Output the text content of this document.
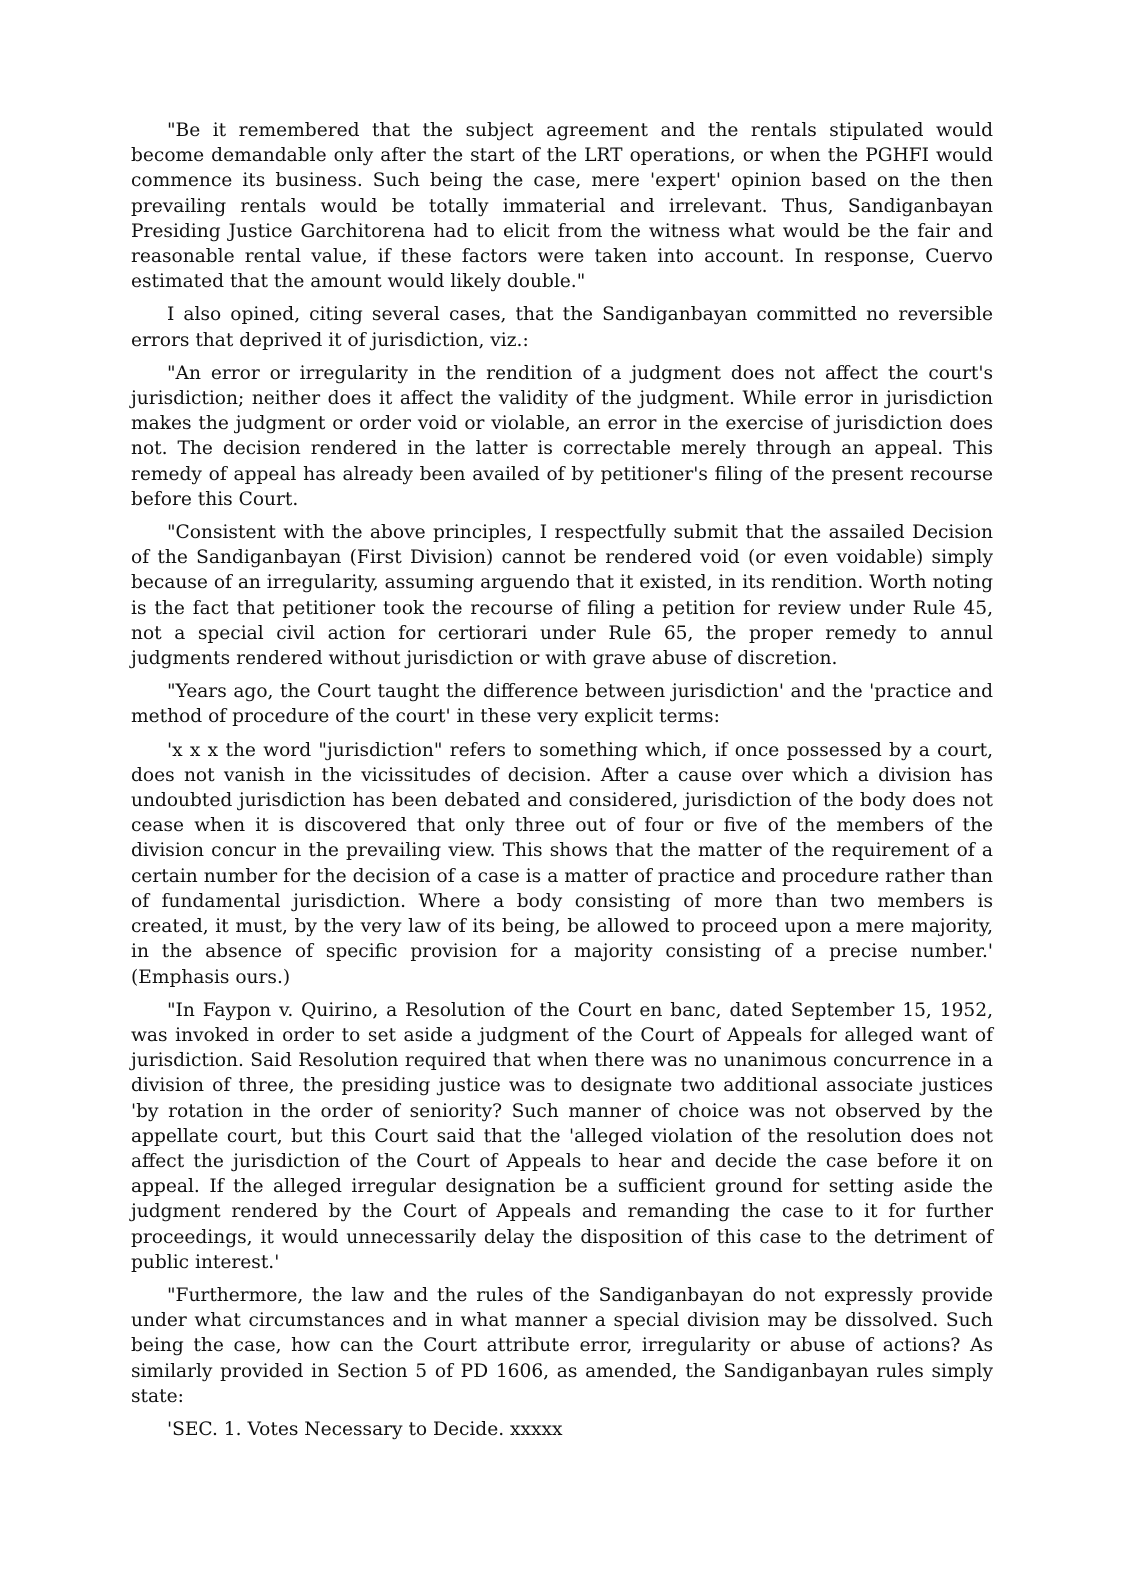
"Be it remembered that the subject agreement and the rentals stipulated would become demandable only after the start of the LRT operations, or when the PGHFI would commence its business. Such being the case, mere 'expert' opinion based on the then prevailing rentals would be totally immaterial and irrelevant. Thus, Sandiganbayan Presiding Justice Garchitorena had to elicit from the witness what would be the fair and reasonable rental value, if these factors were taken into account. In response, Cuervo estimated that the amount would likely double."

I also opined, citing several cases, that the Sandiganbayan committed no reversible errors that deprived it of jurisdiction, viz.:

"An error or irregularity in the rendition of a judgment does not affect the court's jurisdiction; neither does it affect the validity of the judgment. While error in jurisdiction makes the judgment or order void or violable, an error in the exercise of jurisdiction does not. The decision rendered in the latter is correctable merely through an appeal. This remedy of appeal has already been availed of by petitioner's filing of the present recourse before this Court.

"Consistent with the above principles, I respectfully submit that the assailed Decision of the Sandiganbayan (First Division) cannot be rendered void (or even voidable) simply because of an irregularity, assuming arguendo that it existed, in its rendition. Worth noting is the fact that petitioner took the recourse of filing a petition for review under Rule 45, not a special civil action for certiorari under Rule 65, the proper remedy to annul judgments rendered without jurisdiction or with grave abuse of discretion.

"Years ago, the Court taught the difference between jurisdiction' and the 'practice and method of procedure of the court' in these very explicit terms:

'x x x the word "jurisdiction" refers to something which, if once possessed by a court, does not vanish in the vicissitudes of decision. After a cause over which a division has undoubted jurisdiction has been debated and considered, jurisdiction of the body does not cease when it is discovered that only three out of four or five of the members of the division concur in the prevailing view. This shows that the matter of the requirement of a certain number for the decision of a case is a matter of practice and procedure rather than of fundamental jurisdiction. Where a body consisting of more than two members is created, it must, by the very law of its being, be allowed to proceed upon a mere majority, in the absence of specific provision for a majority consisting of a precise number.' (Emphasis ours.)

"In Faypon v. Quirino, a Resolution of the Court en banc, dated September 15, 1952, was invoked in order to set aside a judgment of the Court of Appeals for alleged want of jurisdiction. Said Resolution required that when there was no unanimous concurrence in a division of three, the presiding justice was to designate two additional associate justices 'by rotation in the order of seniority? Such manner of choice was not observed by the appellate court, but this Court said that the 'alleged violation of the resolution does not affect the jurisdiction of the Court of Appeals to hear and decide the case before it on appeal. If the alleged irregular designation be a sufficient ground for setting aside the judgment rendered by the Court of Appeals and remanding the case to it for further proceedings, it would unnecessarily delay the disposition of this case to the detriment of public interest.'

"Furthermore, the law and the rules of the Sandiganbayan do not expressly provide under what circumstances and in what manner a special division may be dissolved. Such being the case, how can the Court attribute error, irregularity or abuse of actions? As similarly provided in Section 5 of PD 1606, as amended, the Sandiganbayan rules simply state:

'SEC. 1. Votes Necessary to Decide. xxxxx
